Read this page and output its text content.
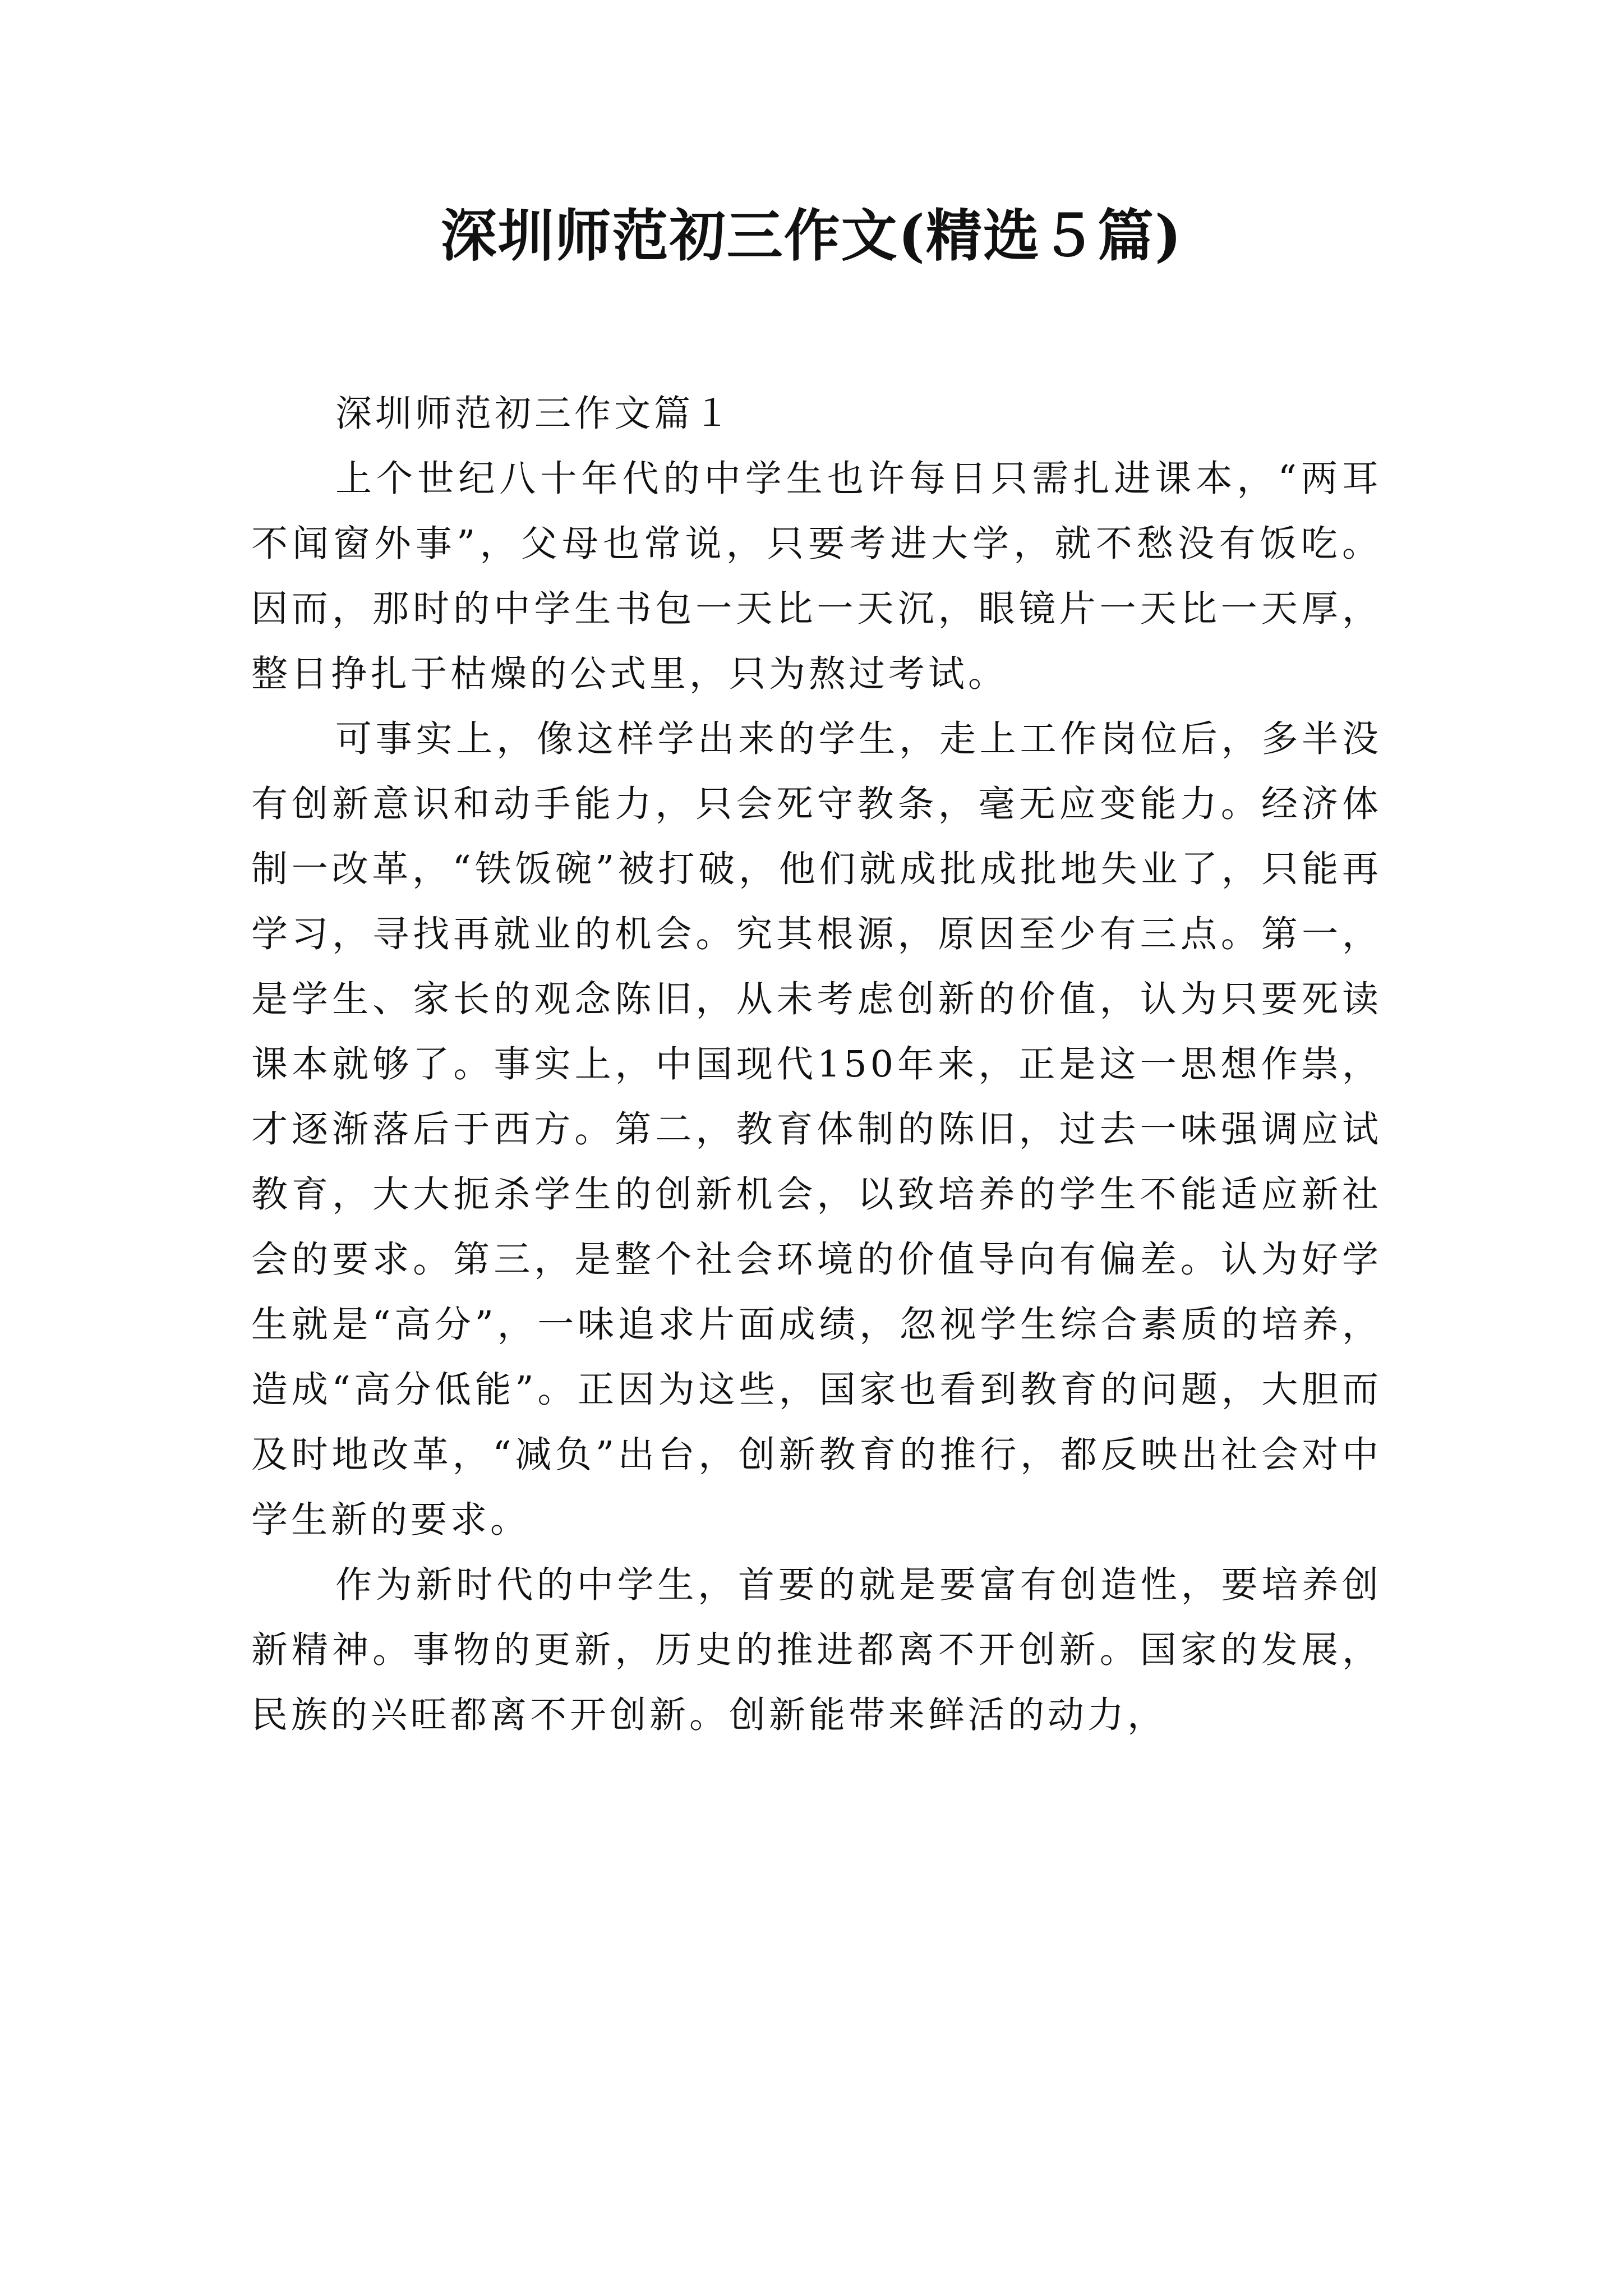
深圳师范初三作文(精选５篇)

深圳师范初三作文篇１

上个世纪八十年代的中学生也许每日只需扎进课本，“两耳不闻窗外事”，父母也常说，只要考进大学，就不愁没有饭吃。因而，那时的中学生书包一天比一天沉，眼镜片一天比一天厚，整日挣扎于枯燥的公式里，只为熬过考试。

可事实上，像这样学出来的学生，走上工作岗位后，多半没有创新意识和动手能力，只会死守教条，毫无应变能力。经济体制一改革，“铁饭碗”被打破，他们就成批成批地失业了，只能再学习，寻找再就业的机会。究其根源，原因至少有三点。第一，是学生、家长的观念陈旧，从未考虑创新的价值，认为只要死读课本就够了。事实上，中国现代150年来，正是这一思想作祟，才逐渐落后于西方。第二，教育体制的陈旧，过去一味强调应试教育，大大扼杀学生的创新机会，以致培养的学生不能适应新社会的要求。第三，是整个社会环境的价值导向有偏差。认为好学生就是“高分”，一味追求片面成绩，忽视学生综合素质的培养，造成“高分低能”。正因为这些，国家也看到教育的问题，大胆而及时地改革，“减负”出台，创新教育的推行，都反映出社会对中学生新的要求。

作为新时代的中学生，首要的就是要富有创造性，要培养创新精神。事物的更新，历史的推进都离不开创新。国家的发展，民族的兴旺都离不开创新。创新能带来鲜活的动力，
